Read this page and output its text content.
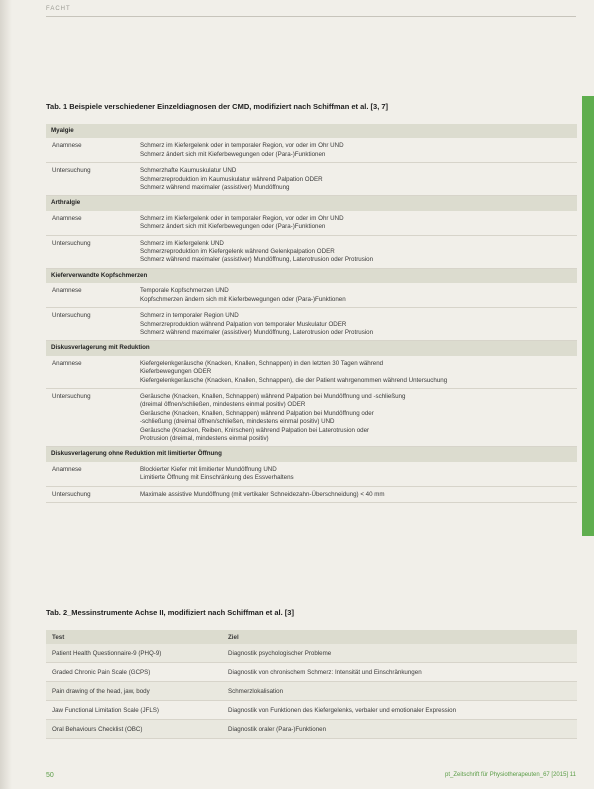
FACHT
Tab. 1 Beispiele verschiedener Einzeldiagnosen der CMD, modifiziert nach Schiffman et al. [3, 7]
Myalgie
Anamnese	Schmerz im Kiefergelenk oder in temporaler Region, vor oder im Ohr UND
Schmerz ändert sich mit Kieferbewegungen oder (Para-)Funktionen
Untersuchung	Schmerzhafte Kaumuskulatur UND
Schmerzreproduktion im Kaumuskulatur während Palpation ODER
Schmerz während maximaler (assistiver) Mundöffnung
Arthralgie
Anamnese	Schmerz im Kiefergelenk oder in temporaler Region, vor oder im Ohr UND
Schmerz ändert sich mit Kieferbewegungen oder (Para-)Funktionen
Untersuchung	Schmerz im Kiefergelenk UND
Schmerzreproduktion im Kiefergelenk während Gelenkpalpation ODER
Schmerz während maximaler (assistiver) Mundöffnung, Laterotrusion oder Protrusion
Kieferverwandte Kopfschmerzen
Anamnese	Temporale Kopfschmerzen UND
Kopfschmerzen ändern sich mit Kieferbewegungen oder (Para-)Funktionen
Untersuchung	Schmerz in temporaler Region UND
Schmerzreproduktion während Palpation von temporaler Muskulatur ODER
Schmerz während maximaler (assistiver) Mundöffnung, Laterotrusion oder Protrusion
Diskusverlagerung mit Reduktion
Anamnese	Kiefergelenkgeräusche (Knacken, Knallen, Schnappen) in den letzten 30 Tagen während
Kieferbewegungen ODER
Kiefergelenkgeräusche (Knacken, Knallen, Schnappen), die der Patient wahrgenommen während Untersuchung
Untersuchung	Geräusche (Knacken, Knallen, Schnappen) während Palpation bei Mundöffnung und -schließung
(dreimal öffnen/schließen, mindestens einmal positiv) ODER
Geräusche (Knacken, Knallen, Schnappen) während Palpation bei Mundöffnung oder
-schließung (dreimal öffnen/schließen, mindestens einmal positiv) UND
Geräusche (Knacken, Reiben, Knirschen) während Palpation bei Laterotrusion oder
Protrusion (dreimal, mindestens einmal positiv)
Diskusverlagerung ohne Reduktion mit limitierter Öffnung
Anamnese	Blockierter Kiefer mit limitierter Mundöffnung UND
Limitierte Öffnung mit Einschränkung des Essverhaltens
Untersuchung	Maximale assistive Mundöffnung (mit vertikaler Schneidezahn-Überschneidung) < 40 mm
Tab. 2_Messinstrumente Achse II, modifiziert nach Schiffman et al. [3]
Test	Ziel
Patient Health Questionnaire-9 (PHQ-9)	Diagnostik psychologischer Probleme
Graded Chronic Pain Scale (GCPS)	Diagnostik von chronischem Schmerz: Intensität und Einschränkungen
Pain drawing of the head, jaw, body	Schmerzlokalisation
Jaw Functional Limitation Scale (JFLS)	Diagnostik von Funktionen des Kiefergelenks, verbaler und emotionaler Expression
Oral Behaviours Checklist (OBC)	Diagnostik oraler (Para-)Funktionen
50	pt_Zeitschrift für Physiotherapeuten_67 [2015] 11
